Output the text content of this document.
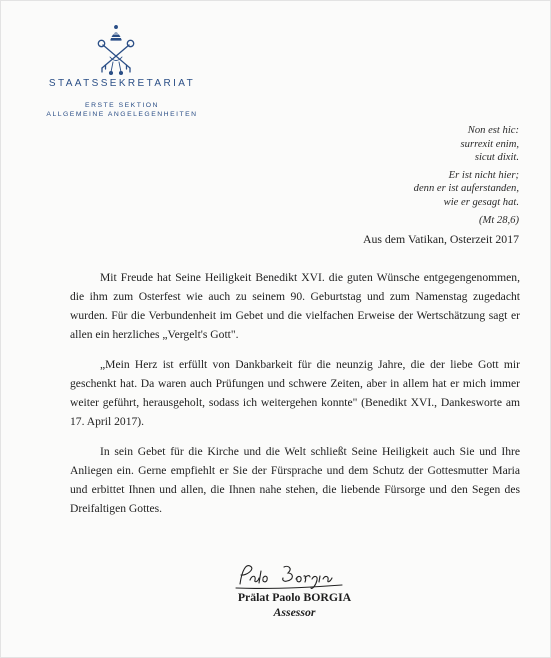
STAATSSEKRETARIAT
ERSTE SEKTION
ALLGEMEINE ANGELEGENHEITEN
Non est hic:
surrexit enim,
sicut dixit.
Er ist nicht hier;
denn er ist auferstanden,
wie er gesagt hat.
(Mt 28,6)
Aus dem Vatikan, Osterzeit 2017

Mit Freude hat Seine Heiligkeit Benedikt XVI. die guten Wünsche entgegengenommen, die ihm zum Osterfest wie auch zu seinem 90. Geburtstag und zum Namenstag zugedacht wurden. Für die Verbundenheit im Gebet und die vielfachen Erweise der Wertschätzung sagt er allen ein herzliches „Vergelt's Gott".

„Mein Herz ist erfüllt von Dankbarkeit für die neunzig Jahre, die der liebe Gott mir geschenkt hat. Da waren auch Prüfungen und schwere Zeiten, aber in allem hat er mich immer weiter geführt, herausgeholt, sodass ich weitergehen konnte" (Benedikt XVI., Dankesworte am 17. April 2017).

In sein Gebet für die Kirche und die Welt schließt Seine Heiligkeit auch Sie und Ihre Anliegen ein. Gerne empfiehlt er Sie der Fürsprache und dem Schutz der Gottesmutter Maria und erbittet Ihnen und allen, die Ihnen nahe stehen, die liebende Fürsorge und den Segen des Dreifaltigen Gottes.

Prälat Paolo BORGIA
Assessor
